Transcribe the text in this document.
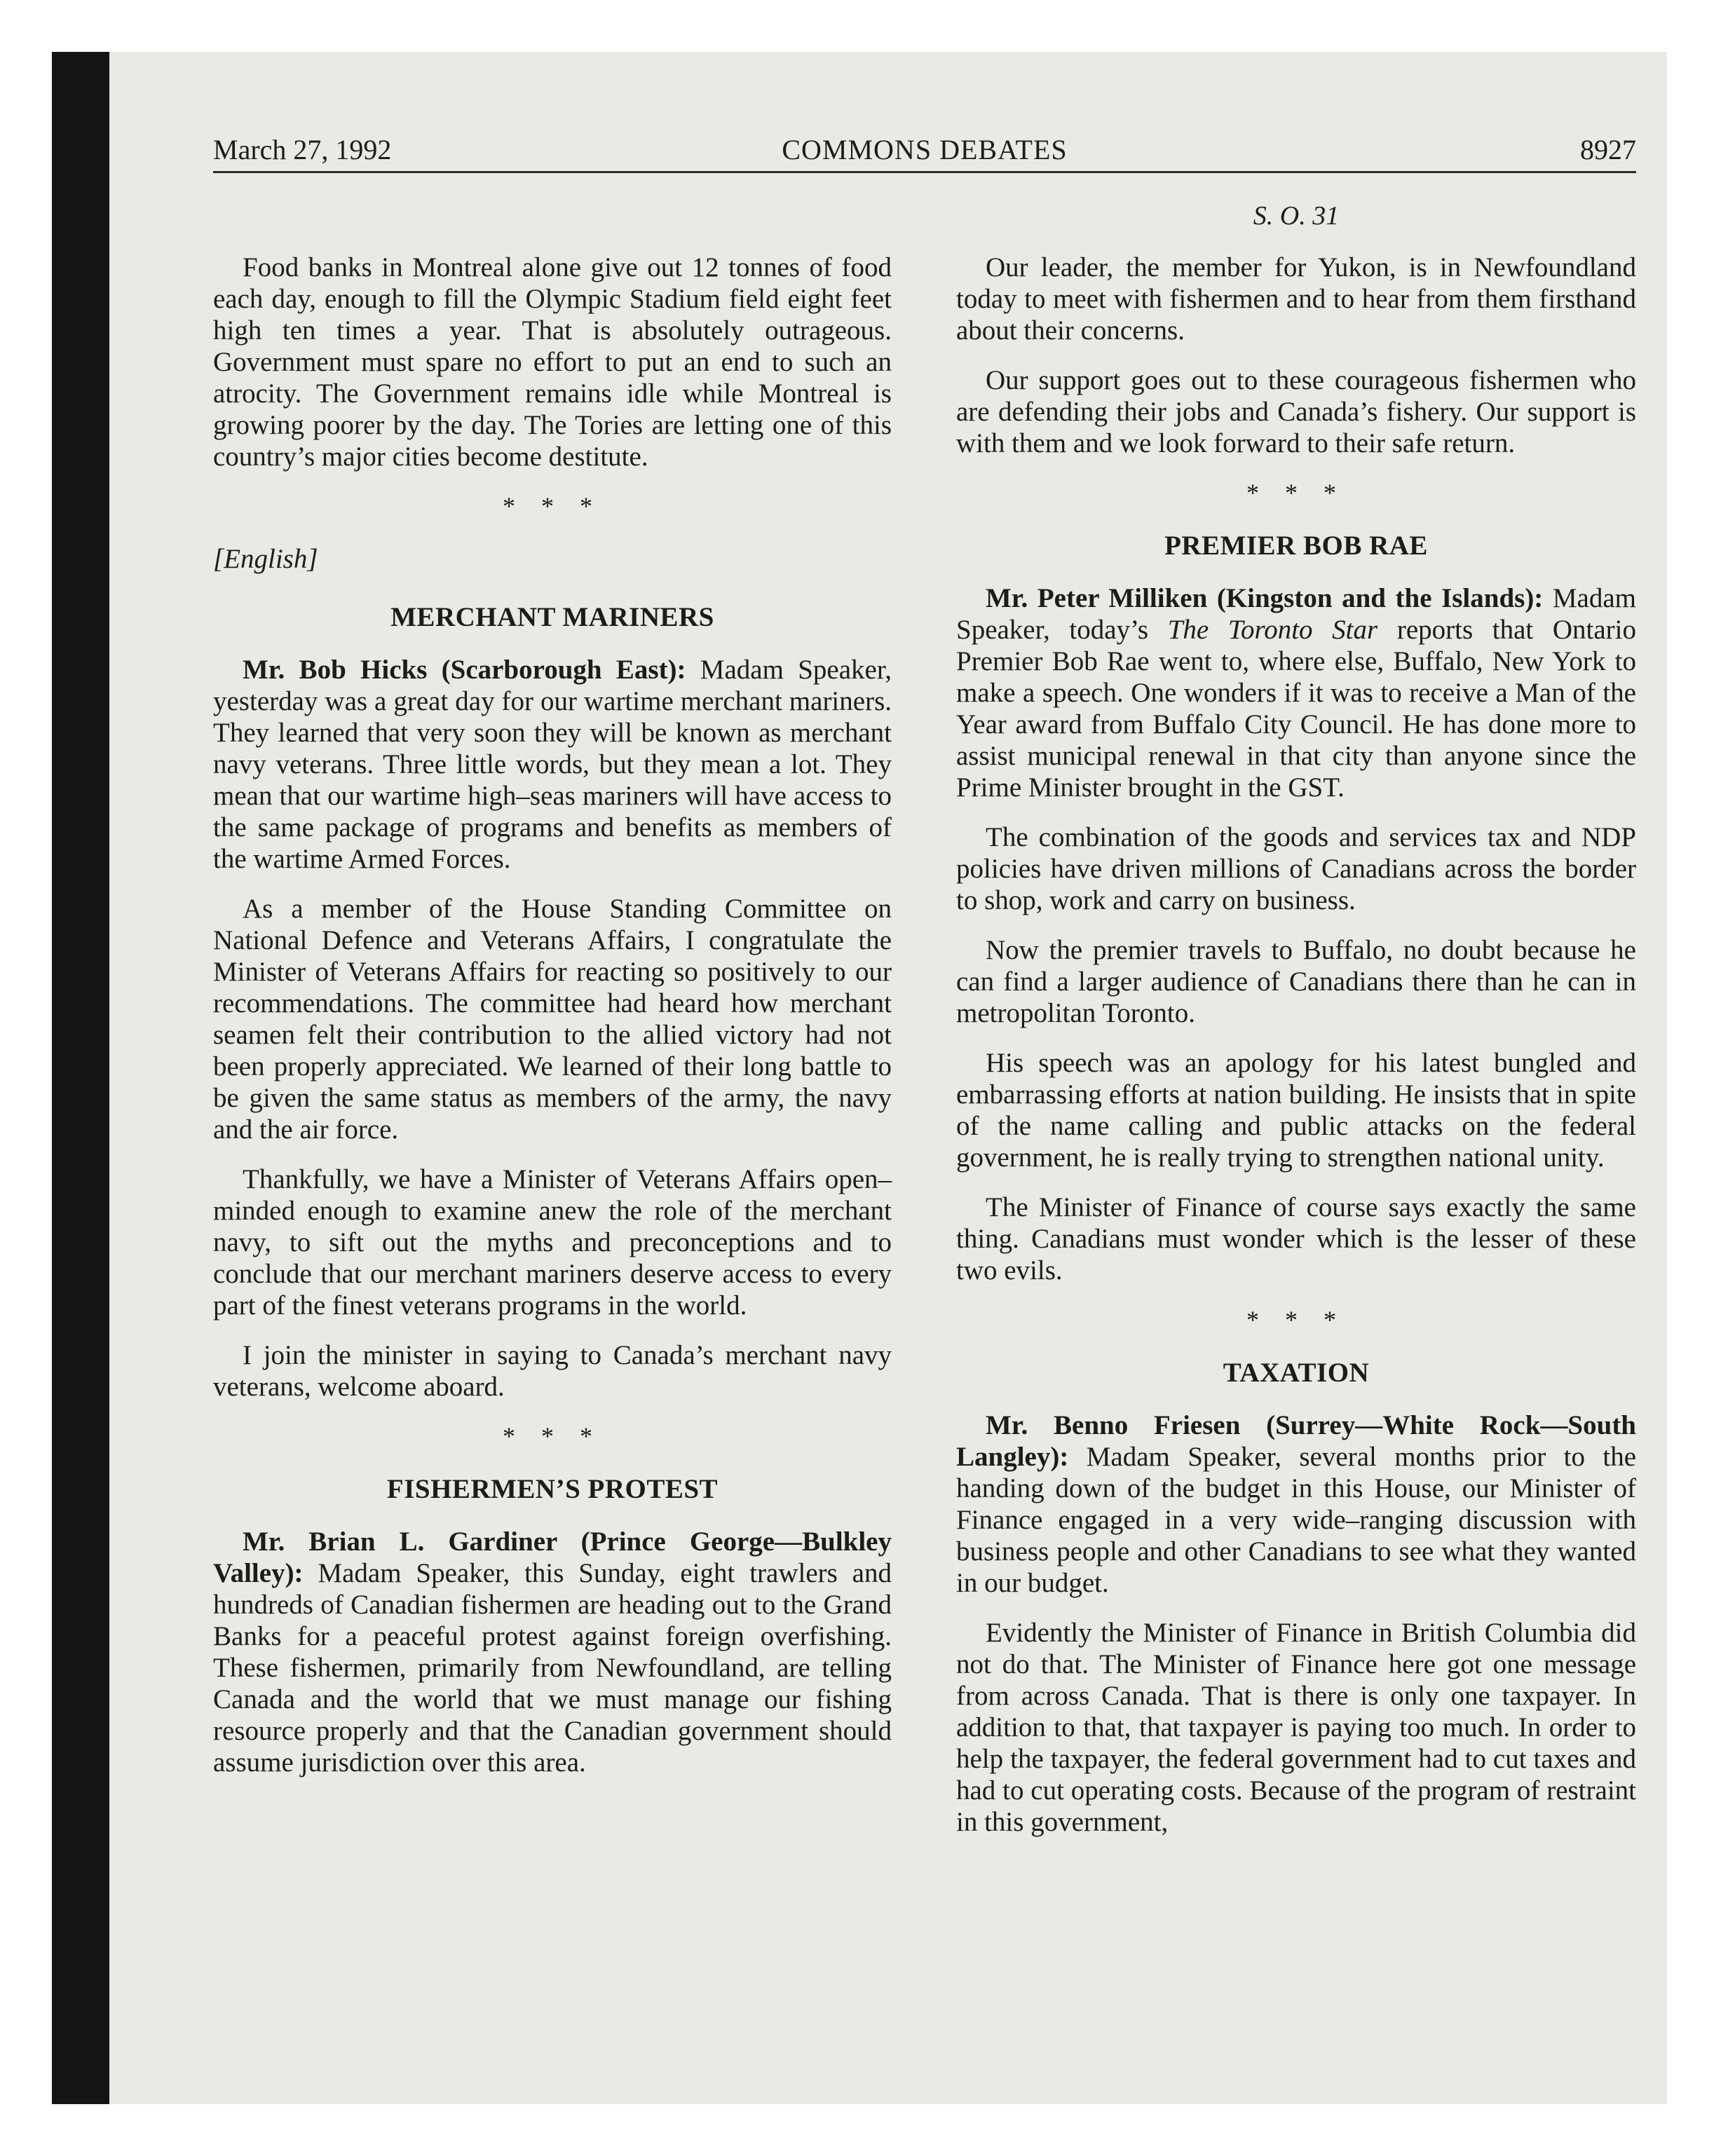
March 27, 1992	COMMONS DEBATES	8927
S. O. 31

Food banks in Montreal alone give out 12 tonnes of food each day, enough to fill the Olympic Stadium field eight feet high ten times a year. That is absolutely outrageous. Government must spare no effort to put an end to such an atrocity. The Government remains idle while Montreal is growing poorer by the day. The Tories are letting one of this country’s major cities become destitute.

* * *
[English]
MERCHANT MARINERS

Mr. Bob Hicks (Scarborough East): Madam Speaker, yesterday was a great day for our wartime merchant mariners. They learned that very soon they will be known as merchant navy veterans. Three little words, but they mean a lot. They mean that our wartime high–seas mariners will have access to the same package of programs and benefits as members of the wartime Armed Forces.

As a member of the House Standing Committee on National Defence and Veterans Affairs, I congratulate the Minister of Veterans Affairs for reacting so positively to our recommendations. The committee had heard how merchant seamen felt their contribution to the allied victory had not been properly appreciated. We learned of their long battle to be given the same status as members of the army, the navy and the air force.

Thankfully, we have a Minister of Veterans Affairs open–minded enough to examine anew the role of the merchant navy, to sift out the myths and preconceptions and to conclude that our merchant mariners deserve access to every part of the finest veterans programs in the world.

I join the minister in saying to Canada’s merchant navy veterans, welcome aboard.

* * *
FISHERMEN’S PROTEST

Mr. Brian L. Gardiner (Prince George—Bulkley Valley): Madam Speaker, this Sunday, eight trawlers and hundreds of Canadian fishermen are heading out to the Grand Banks for a peaceful protest against foreign overfishing. These fishermen, primarily from Newfoundland, are telling Canada and the world that we must manage our fishing resource properly and that the Canadian government should assume jurisdiction over this area.

Our leader, the member for Yukon, is in Newfoundland today to meet with fishermen and to hear from them firsthand about their concerns.

Our support goes out to these courageous fishermen who are defending their jobs and Canada’s fishery. Our support is with them and we look forward to their safe return.

* * *
PREMIER BOB RAE

Mr. Peter Milliken (Kingston and the Islands): Madam Speaker, today’s The Toronto Star reports that Ontario Premier Bob Rae went to, where else, Buffalo, New York to make a speech. One wonders if it was to receive a Man of the Year award from Buffalo City Council. He has done more to assist municipal renewal in that city than anyone since the Prime Minister brought in the GST.

The combination of the goods and services tax and NDP policies have driven millions of Canadians across the border to shop, work and carry on business.

Now the premier travels to Buffalo, no doubt because he can find a larger audience of Canadians there than he can in metropolitan Toronto.

His speech was an apology for his latest bungled and embarrassing efforts at nation building. He insists that in spite of the name calling and public attacks on the federal government, he is really trying to strengthen national unity.

The Minister of Finance of course says exactly the same thing. Canadians must wonder which is the lesser of these two evils.

* * *
TAXATION

Mr. Benno Friesen (Surrey—White Rock—South Langley): Madam Speaker, several months prior to the handing down of the budget in this House, our Minister of Finance engaged in a very wide–ranging discussion with business people and other Canadians to see what they wanted in our budget.

Evidently the Minister of Finance in British Columbia did not do that. The Minister of Finance here got one message from across Canada. That is there is only one taxpayer. In addition to that, that taxpayer is paying too much. In order to help the taxpayer, the federal government had to cut taxes and had to cut operating costs. Because of the program of restraint in this government,
